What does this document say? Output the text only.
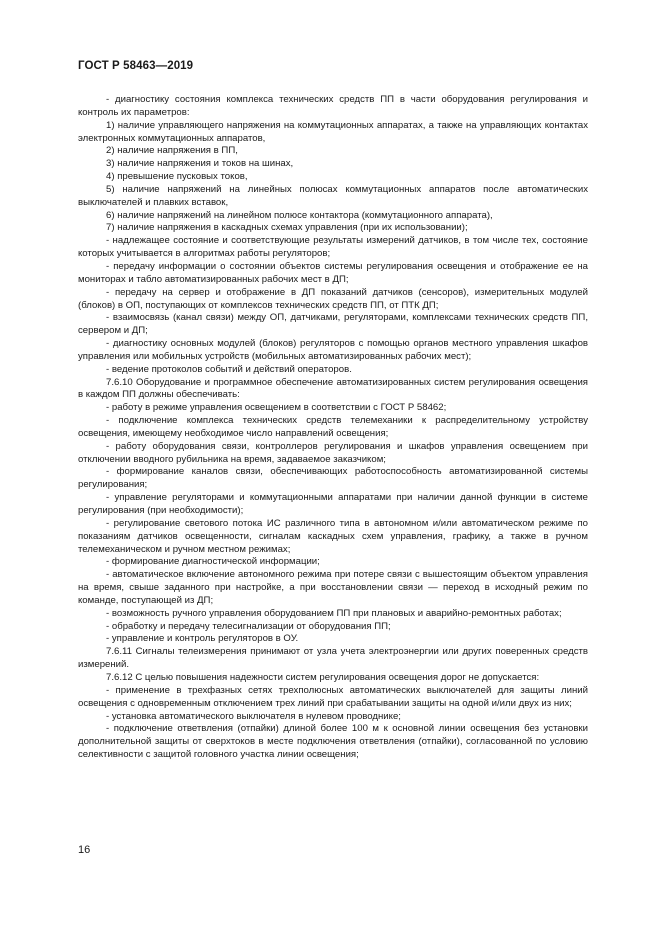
ГОСТ Р 58463—2019

- диагностику состояния комплекса технических средств ПП в части оборудования регулирования и контроль их параметров:

1) наличие управляющего напряжения на коммутационных аппаратах, а также на управляющих контактах электронных коммутационных аппаратов,

2) наличие напряжения в ПП,

3) наличие напряжения и токов на шинах,

4) превышение пусковых токов,

5) наличие напряжений на линейных полюсах коммутационных аппаратов после автоматических выключателей и плавких вставок,

6) наличие напряжений на линейном полюсе контактора (коммутационного аппарата),

7) наличие напряжения в каскадных схемах управления (при их использовании);

- надлежащее состояние и соответствующие результаты измерений датчиков, в том числе тех, состояние которых учитывается в алгоритмах работы регуляторов;

- передачу информации о состоянии объектов системы регулирования освещения и отображение ее на мониторах и табло автоматизированных рабочих мест в ДП;

- передачу на сервер и отображение в ДП показаний датчиков (сенсоров), измерительных модулей (блоков) в ОП, поступающих от комплексов технических средств ПП, от ПТК ДП;

- взаимосвязь (канал связи) между ОП, датчиками, регуляторами, комплексами технических средств ПП, сервером и ДП;

- диагностику основных модулей (блоков) регуляторов с помощью органов местного управления шкафов управления или мобильных устройств (мобильных автоматизированных рабочих мест);

- ведение протоколов событий и действий операторов.

7.6.10 Оборудование и программное обеспечение автоматизированных систем регулирования освещения в каждом ПП должны обеспечивать:

- работу в режиме управления освещением в соответствии с ГОСТ Р 58462;

- подключение комплекса технических средств телемеханики к распределительному устройству освещения, имеющему необходимое число направлений освещения;

- работу оборудования связи, контроллеров регулирования и шкафов управления освещением при отключении вводного рубильника на время, задаваемое заказчиком;

- формирование каналов связи, обеспечивающих работоспособность автоматизированной системы регулирования;

- управление регуляторами и коммутационными аппаратами при наличии данной функции в системе регулирования (при необходимости);

- регулирование светового потока ИС различного типа в автономном и/или автоматическом режиме по показаниям датчиков освещенности, сигналам каскадных схем управления, графику, а также в ручном телемеханическом и ручном местном режимах;

- формирование диагностической информации;

- автоматическое включение автономного режима при потере связи с вышестоящим объектом управления на время, свыше заданного при настройке, а при восстановлении связи — переход в исходный режим по команде, поступающей из ДП;

- возможность ручного управления оборудованием ПП при плановых и аварийно-ремонтных работах;

- обработку и передачу телесигнализации от оборудования ПП;

- управление и контроль регуляторов в ОУ.

7.6.11 Сигналы телеизмерения принимают от узла учета электроэнергии или других поверенных средств измерений.

7.6.12 С целью повышения надежности систем регулирования освещения дорог не допускается:

- применение в трехфазных сетях трехполюсных автоматических выключателей для защиты линий освещения с одновременным отключением трех линий при срабатывании защиты на одной и/или двух из них;

- установка автоматического выключателя в нулевом проводнике;

- подключение ответвления (отпайки) длиной более 100 м к основной линии освещения без установки дополнительной защиты от сверхтоков в месте подключения ответвления (отпайки), согласованной по условию селективности с защитой головного участка линии освещения;

16
